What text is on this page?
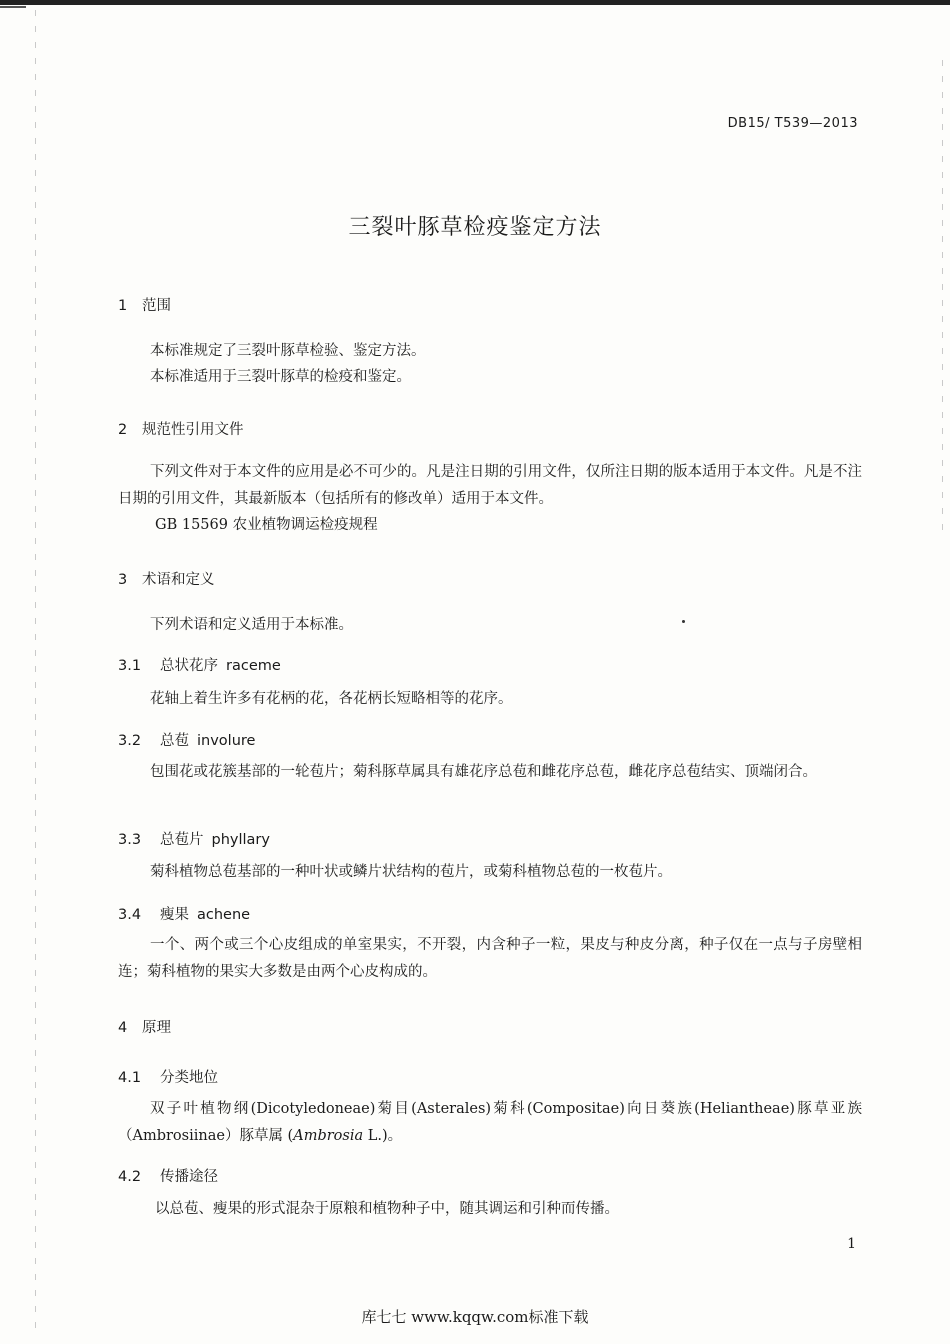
DB15/ T539—2013
三裂叶豚草检疫鉴定方法
1 范围
本标准规定了三裂叶豚草检验、鉴定方法。
本标准适用于三裂叶豚草的检疫和鉴定。
2 规范性引用文件
下列文件对于本文件的应用是必不可少的。凡是注日期的引用文件，仅所注日期的版本适用于本文件。凡是不注日期的引用文件，其最新版本（包括所有的修改单）适用于本文件。
GB 15569 农业植物调运检疫规程
3 术语和定义
下列术语和定义适用于本标准。
3.1 总状花序 raceme
花轴上着生许多有花柄的花，各花柄长短略相等的花序。
3.2 总苞 involure
包围花或花簇基部的一轮苞片；菊科豚草属具有雄花序总苞和雌花序总苞，雌花序总苞结实、顶端闭合。
3.3 总苞片 phyllary
菊科植物总苞基部的一种叶状或鳞片状结构的苞片，或菊科植物总苞的一枚苞片。
3.4 瘦果 achene
一个、两个或三个心皮组成的单室果实，不开裂，内含种子一粒，果皮与种皮分离，种子仅在一点与子房壁相连；菊科植物的果实大多数是由两个心皮构成的。
4 原理
4.1 分类地位
双子叶植物纲(Dicotyledoneae)菊目(Asterales)菊科(Compositae)向日葵族(Heliantheae)豚草亚族（Ambrosiinae）豚草属 (Ambrosia L.)。
4.2 传播途径
以总苞、瘦果的形式混杂于原粮和植物种子中，随其调运和引种而传播。
1
库七七 www.kqqw.com标准下载
